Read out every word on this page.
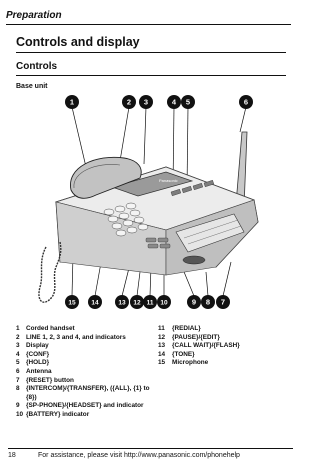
Preparation
Controls and display
Controls
Base unit
Panasonic
1	2 3	4 5	6
7
8
9
10
11
12
13
14
15
1	Corded handset
2	LINE 1, 2, 3 and 4, and indicators
3	Display
4	{CONF}
5	{HOLD}
6	Antenna
7	{RESET} button
8	{INTERCOM}/{TRANSFER}, ({ALL}, {1} to {8})
9	{SP-PHONE}/{HEADSET} and indicator
10 {BATTERY} indicator
11	{REDIAL}
12	{PAUSE}/{EDIT}
13	{CALL WAIT}/{FLASH}
14	{TONE}
15	Microphone
18	For assistance, please visit http://www.panasonic.com/phonehelp
